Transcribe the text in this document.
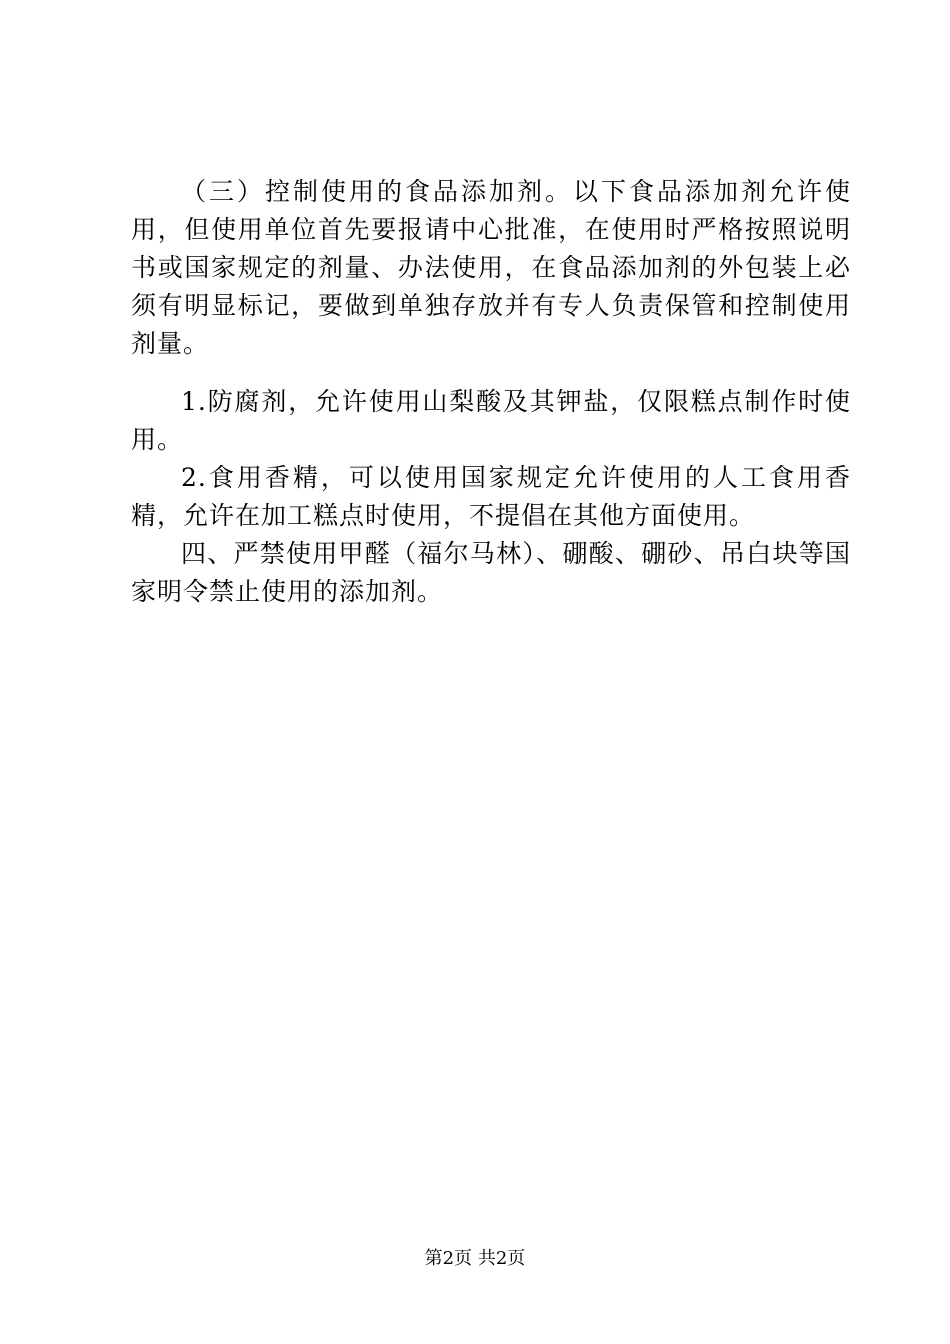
（三）控制使用的食品添加剂。以下食品添加剂允许使用，但使用单位首先要报请中心批准，在使用时严格按照说明书或国家规定的剂量、办法使用，在食品添加剂的外包装上必须有明显标记，要做到单独存放并有专人负责保管和控制使用剂量。

1.防腐剂，允许使用山梨酸及其钾盐，仅限糕点制作时使用。

2.食用香精，可以使用国家规定允许使用的人工食用香精，允许在加工糕点时使用，不提倡在其他方面使用。

四、严禁使用甲醛（福尔马林）、硼酸、硼砂、吊白块等国家明令禁止使用的添加剂。

第2页 共2页
